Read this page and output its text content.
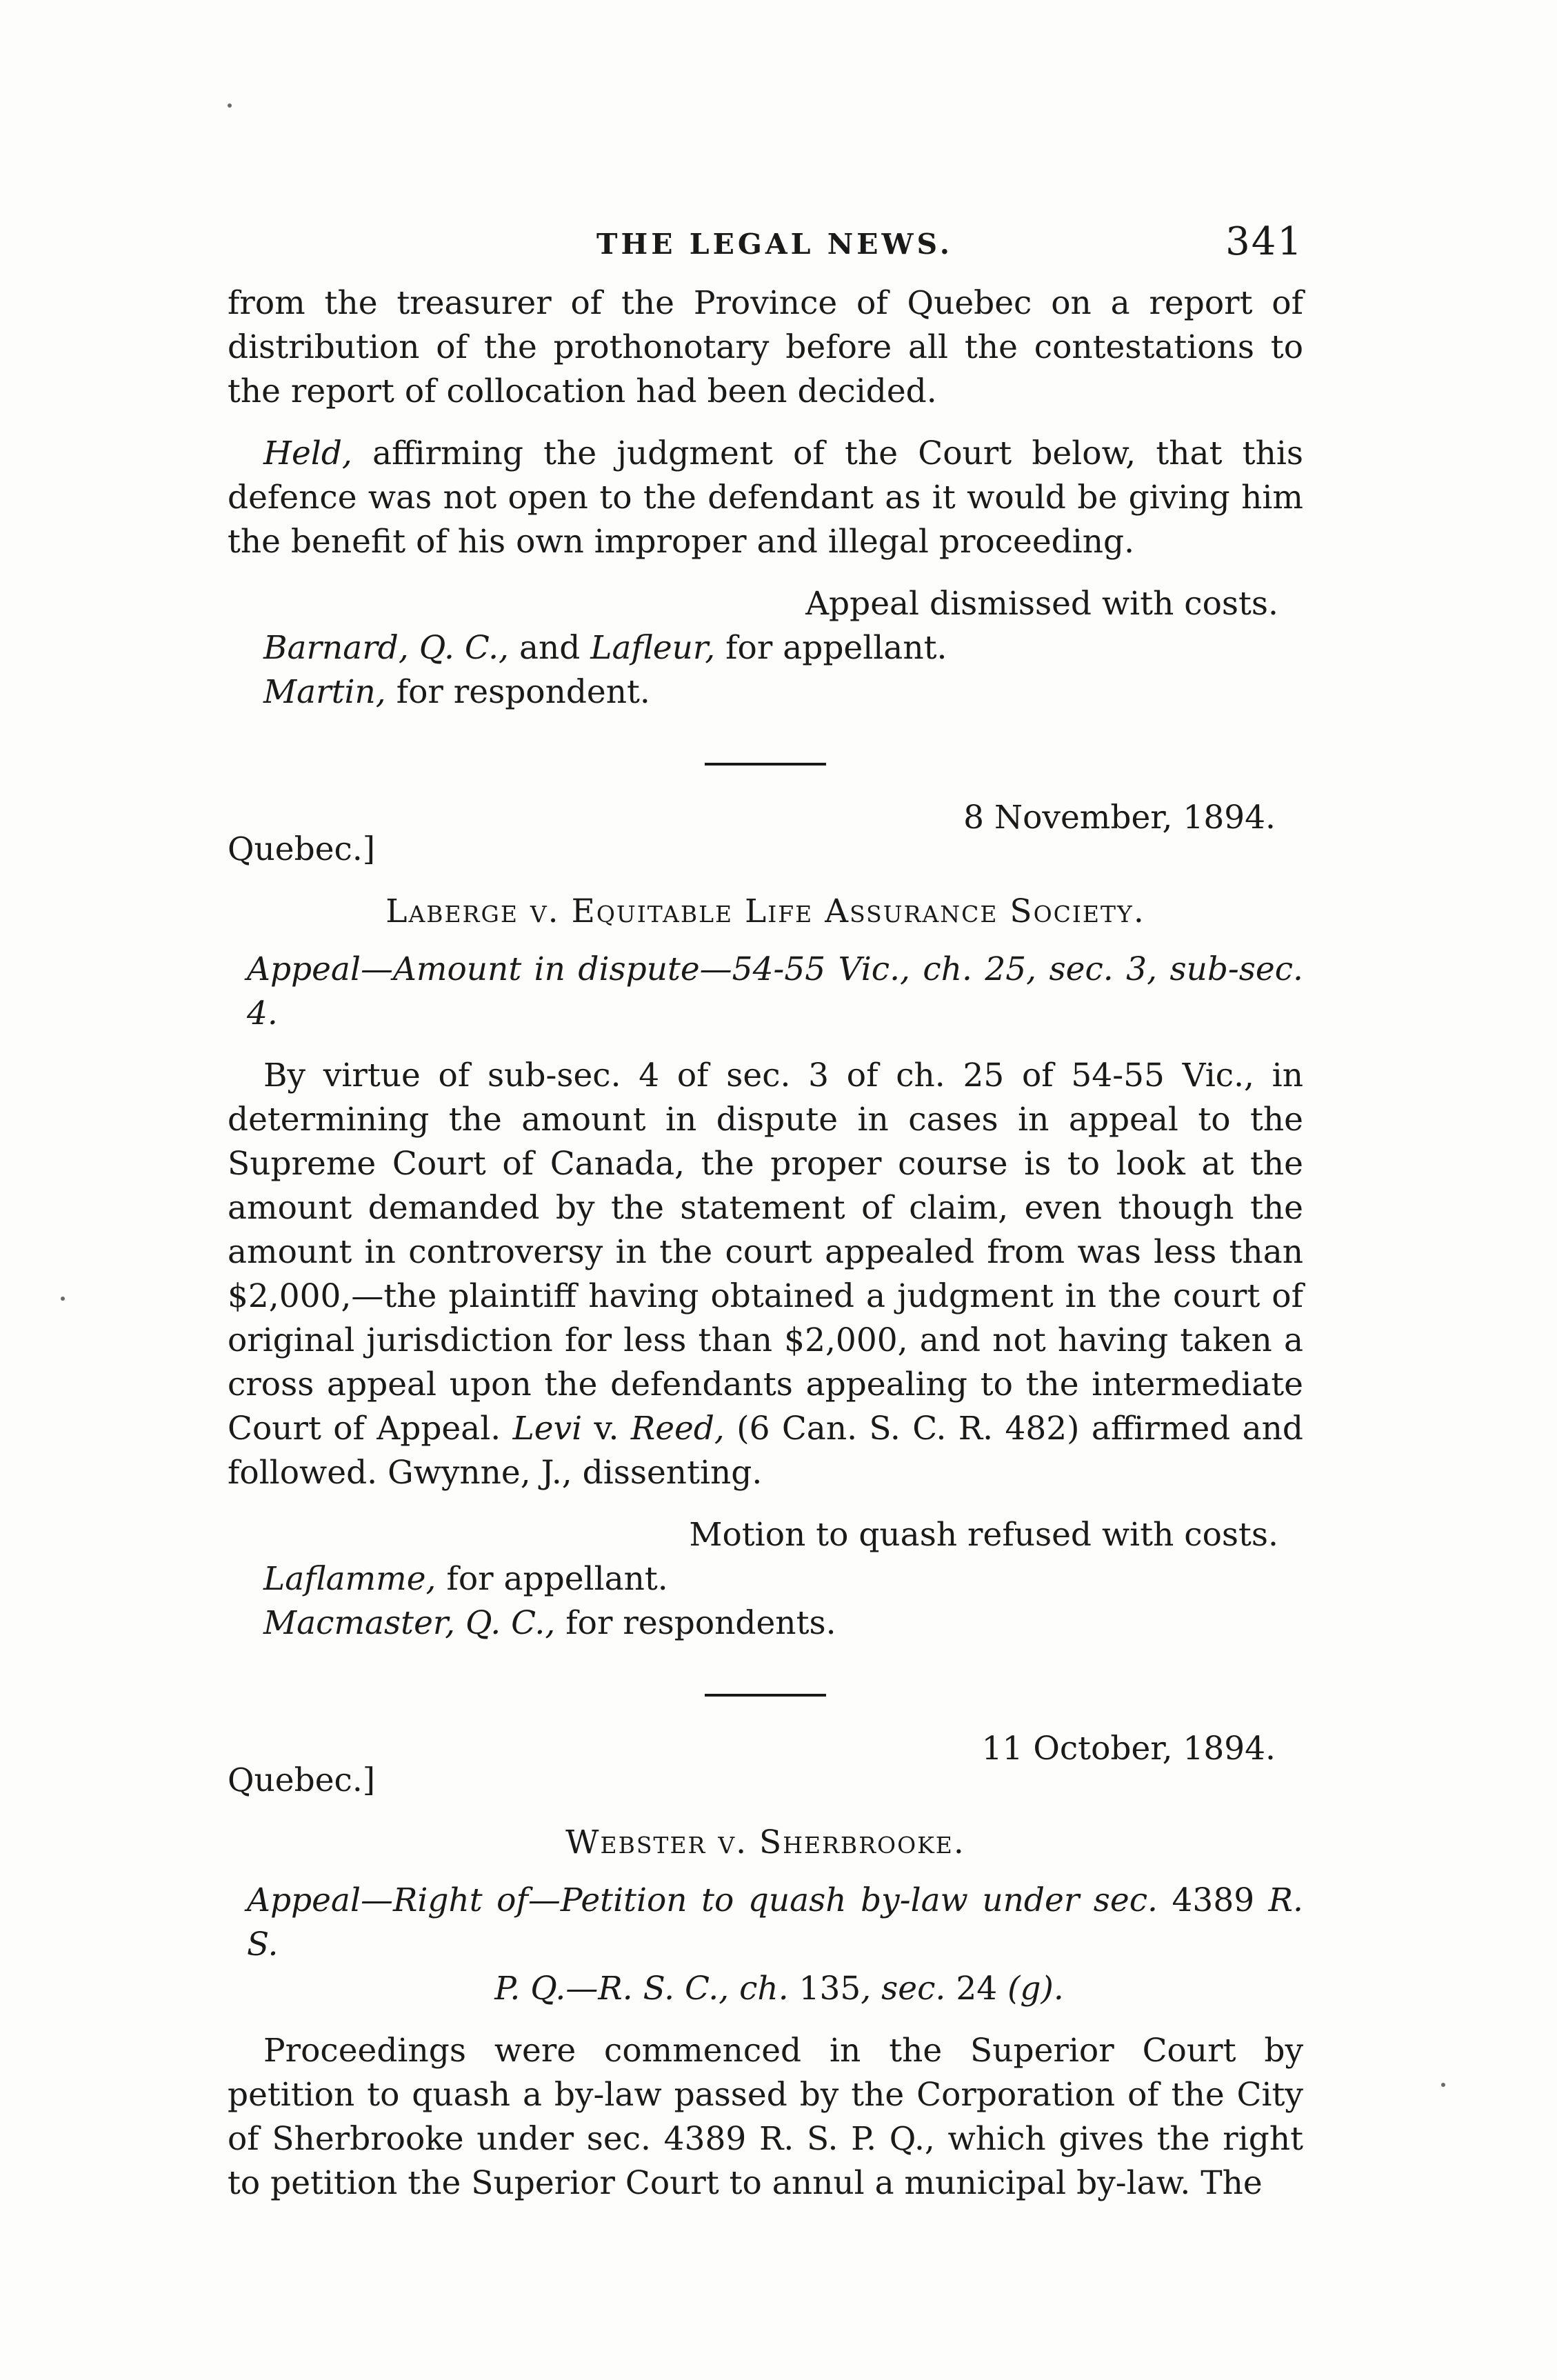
THE LEGAL NEWS.	341

from the treasurer of the Province of Quebec on a report of distribution of the prothonotary before all the contestations to the report of collocation had been decided.

Held, affirming the judgment of the Court below, that this defence was not open to the defendant as it would be giving him the benefit of his own improper and illegal proceeding.

Appeal dismissed with costs.

Barnard, Q. C., and Lafleur, for appellant.

Martin, for respondent.

Quebec.]
8 November, 1894.

Laberge v. Equitable Life Assurance Society.

Appeal—Amount in dispute—54-55 Vic., ch. 25, sec. 3, sub-sec. 4.

By virtue of sub-sec. 4 of sec. 3 of ch. 25 of 54-55 Vic., in determining the amount in dispute in cases in appeal to the Supreme Court of Canada, the proper course is to look at the amount demanded by the statement of claim, even though the amount in controversy in the court appealed from was less than $2,000,—the plaintiff having obtained a judgment in the court of original jurisdiction for less than $2,000, and not having taken a cross appeal upon the defendants appealing to the intermediate Court of Appeal. Levi v. Reed, (6 Can. S. C. R. 482) affirmed and followed. Gwynne, J., dissenting.

Motion to quash refused with costs.

Laflamme, for appellant.

Macmaster, Q. C., for respondents.

Quebec.]
11 October, 1894.

Webster v. Sherbrooke.

Appeal—Right of—Petition to quash by-law under sec. 4389 R. S.

P. Q.—R. S. C., ch. 135, sec. 24 (g).

Proceedings were commenced in the Superior Court by petition to quash a by-law passed by the Corporation of the City of Sherbrooke under sec. 4389 R. S. P. Q., which gives the right to petition the Superior Court to annul a municipal by-law. The
